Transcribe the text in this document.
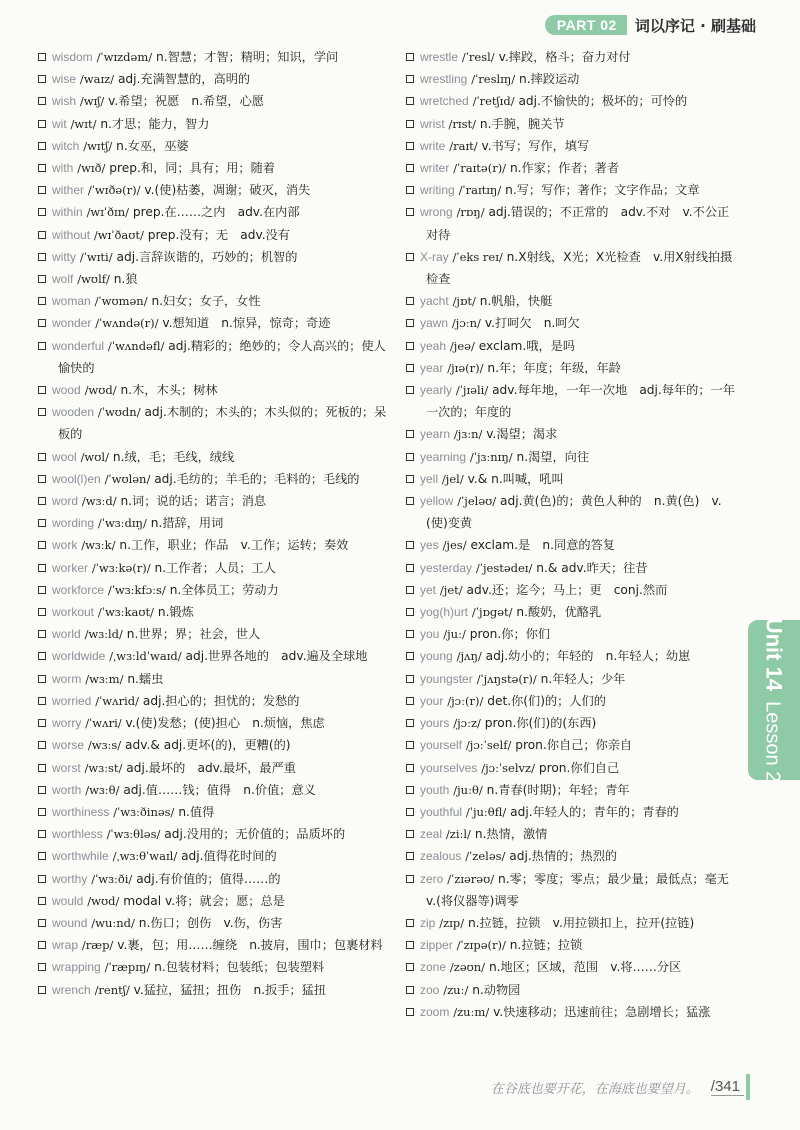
PART 02	词以序记 · 刷基础

wisdom /ˈwɪzdəm/ n.智慧；才智；精明；知识，学问

wise /waɪz/ adj.充满智慧的，高明的

wish /wɪʃ/ v.希望；祝愿　n.希望，心愿

wit /wɪt/ n.才思；能力，智力

witch /wɪtʃ/ n.女巫，巫婆

with /wɪð/ prep.和，同；具有；用；随着

wither /ˈwɪðə(r)/ v.(使)枯萎，凋谢；破灭，消失

within /wɪˈðɪn/ prep.在……之内　adv.在内部

without /wɪˈðaʊt/ prep.没有；无　adv.没有

witty /ˈwɪti/ adj.言辞诙谐的，巧妙的；机智的

wolf /wʊlf/ n.狼

woman /ˈwʊmən/ n.妇女；女子，女性

wonder /ˈwʌndə(r)/ v.想知道　n.惊异，惊奇；奇迹

wonderful /ˈwʌndəfl/ adj.精彩的；绝妙的；令人高兴的；使人愉快的

wood /wʊd/ n.木，木头；树林

wooden /ˈwʊdn/ adj.木制的；木头的；木头似的；死板的；呆板的

wool /wʊl/ n.绒，毛；毛线，绒线

wool(l)en /ˈwʊlən/ adj.毛纺的；羊毛的；毛料的；毛线的

word /wɜːd/ n.词；说的话；诺言；消息

wording /ˈwɜːdɪŋ/ n.措辞，用词

work /wɜːk/ n.工作，职业；作品　v.工作；运转；奏效

worker /ˈwɜːkə(r)/ n.工作者；人员；工人

workforce /ˈwɜːkfɔːs/ n.全体员工；劳动力

workout /ˈwɜːkaʊt/ n.锻炼

world /wɜːld/ n.世界；界；社会，世人

worldwide /ˌwɜːldˈwaɪd/ adj.世界各地的　adv.遍及全球地

worm /wɜːm/ n.蠕虫

worried /ˈwʌrid/ adj.担心的；担忧的；发愁的

worry /ˈwʌri/ v.(使)发愁；(使)担心　n.烦恼，焦虑

worse /wɜːs/ adv.& adj.更坏(的)，更糟(的)

worst /wɜːst/ adj.最坏的　adv.最坏，最严重

worth /wɜːθ/ adj.值……钱；值得　n.价值；意义

worthiness /ˈwɜːðinəs/ n.值得

worthless /ˈwɜːθləs/ adj.没用的；无价值的；品质坏的

worthwhile /ˌwɜːθˈwaɪl/ adj.值得花时间的

worthy /ˈwɜːði/ adj.有价值的；值得……的

would /wʊd/ modal v.将；就会；愿；总是

wound /wuːnd/ n.伤口；创伤　v.伤，伤害

wrap /ræp/ v.裹，包；用……缠绕　n.披肩，围巾；包裹材料

wrapping /ˈræpɪŋ/ n.包装材料；包装纸；包装塑料

wrench /rentʃ/ v.猛拉，猛扭；扭伤　n.扳手；猛扭

wrestle /ˈresl/ v.摔跤，格斗；奋力对付

wrestling /ˈreslɪŋ/ n.摔跤运动

wretched /ˈretʃɪd/ adj.不愉快的；极坏的；可怜的

wrist /rɪst/ n.手腕，腕关节

write /raɪt/ v.书写；写作，填写

writer /ˈraɪtə(r)/ n.作家；作者；著者

writing /ˈraɪtɪŋ/ n.写；写作；著作；文字作品；文章

wrong /rɒŋ/ adj.错误的；不正常的　adv.不对　v.不公正对待

X-ray /ˈeks reɪ/ n.X射线，X光；X光检查　v.用X射线拍摄检查

yacht /jɒt/ n.帆船，快艇

yawn /jɔːn/ v.打呵欠　n.呵欠

yeah /jeə/ exclam.哦，是吗

year /jɪə(r)/ n.年；年度；年级，年龄

yearly /ˈjɪəli/ adv.每年地，一年一次地　adj.每年的；一年一次的；年度的

yearn /jɜːn/ v.渴望；渴求

yearning /ˈjɜːnɪŋ/ n.渴望，向往

yell /jel/ v.& n.叫喊，吼叫

yellow /ˈjeləʊ/ adj.黄(色)的；黄色人种的　n.黄(色)　v.(使)变黄

yes /jes/ exclam.是　n.同意的答复

yesterday /ˈjestədeɪ/ n.& adv.昨天；往昔

yet /jet/ adv.还；迄今；马上；更　conj.然而

yog(h)urt /ˈjɒgət/ n.酸奶，优酪乳

you /juː/ pron.你；你们

young /jʌŋ/ adj.幼小的；年轻的　n.年轻人；幼崽

youngster /ˈjʌŋstə(r)/ n.年轻人；少年

your /jɔː(r)/ det.你(们)的；人们的

yours /jɔːz/ pron.你(们)的(东西)

yourself /jɔːˈself/ pron.你自己；你亲自

yourselves /jɔːˈselvz/ pron.你们自己

youth /juːθ/ n.青春(时期)；年轻；青年

youthful /ˈjuːθfl/ adj.年轻人的；青年的；青春的

zeal /ziːl/ n.热情，激情

zealous /ˈzeləs/ adj.热情的；热烈的

zero /ˈzɪərəʊ/ n.零；零度；零点；最少量；最低点；毫无　v.(将仪器等)调零

zip /zɪp/ n.拉链，拉锁　v.用拉锁扣上，拉开(拉链)

zipper /ˈzɪpə(r)/ n.拉链；拉锁

zone /zəʊn/ n.地区；区域，范围　v.将……分区

zoo /zuː/ n.动物园

zoom /zuːm/ v.快速移动；迅速前往；急剧增长；猛涨

Unit 14Lesson 2
在谷底也要开花，在海底也要望月。 /341
